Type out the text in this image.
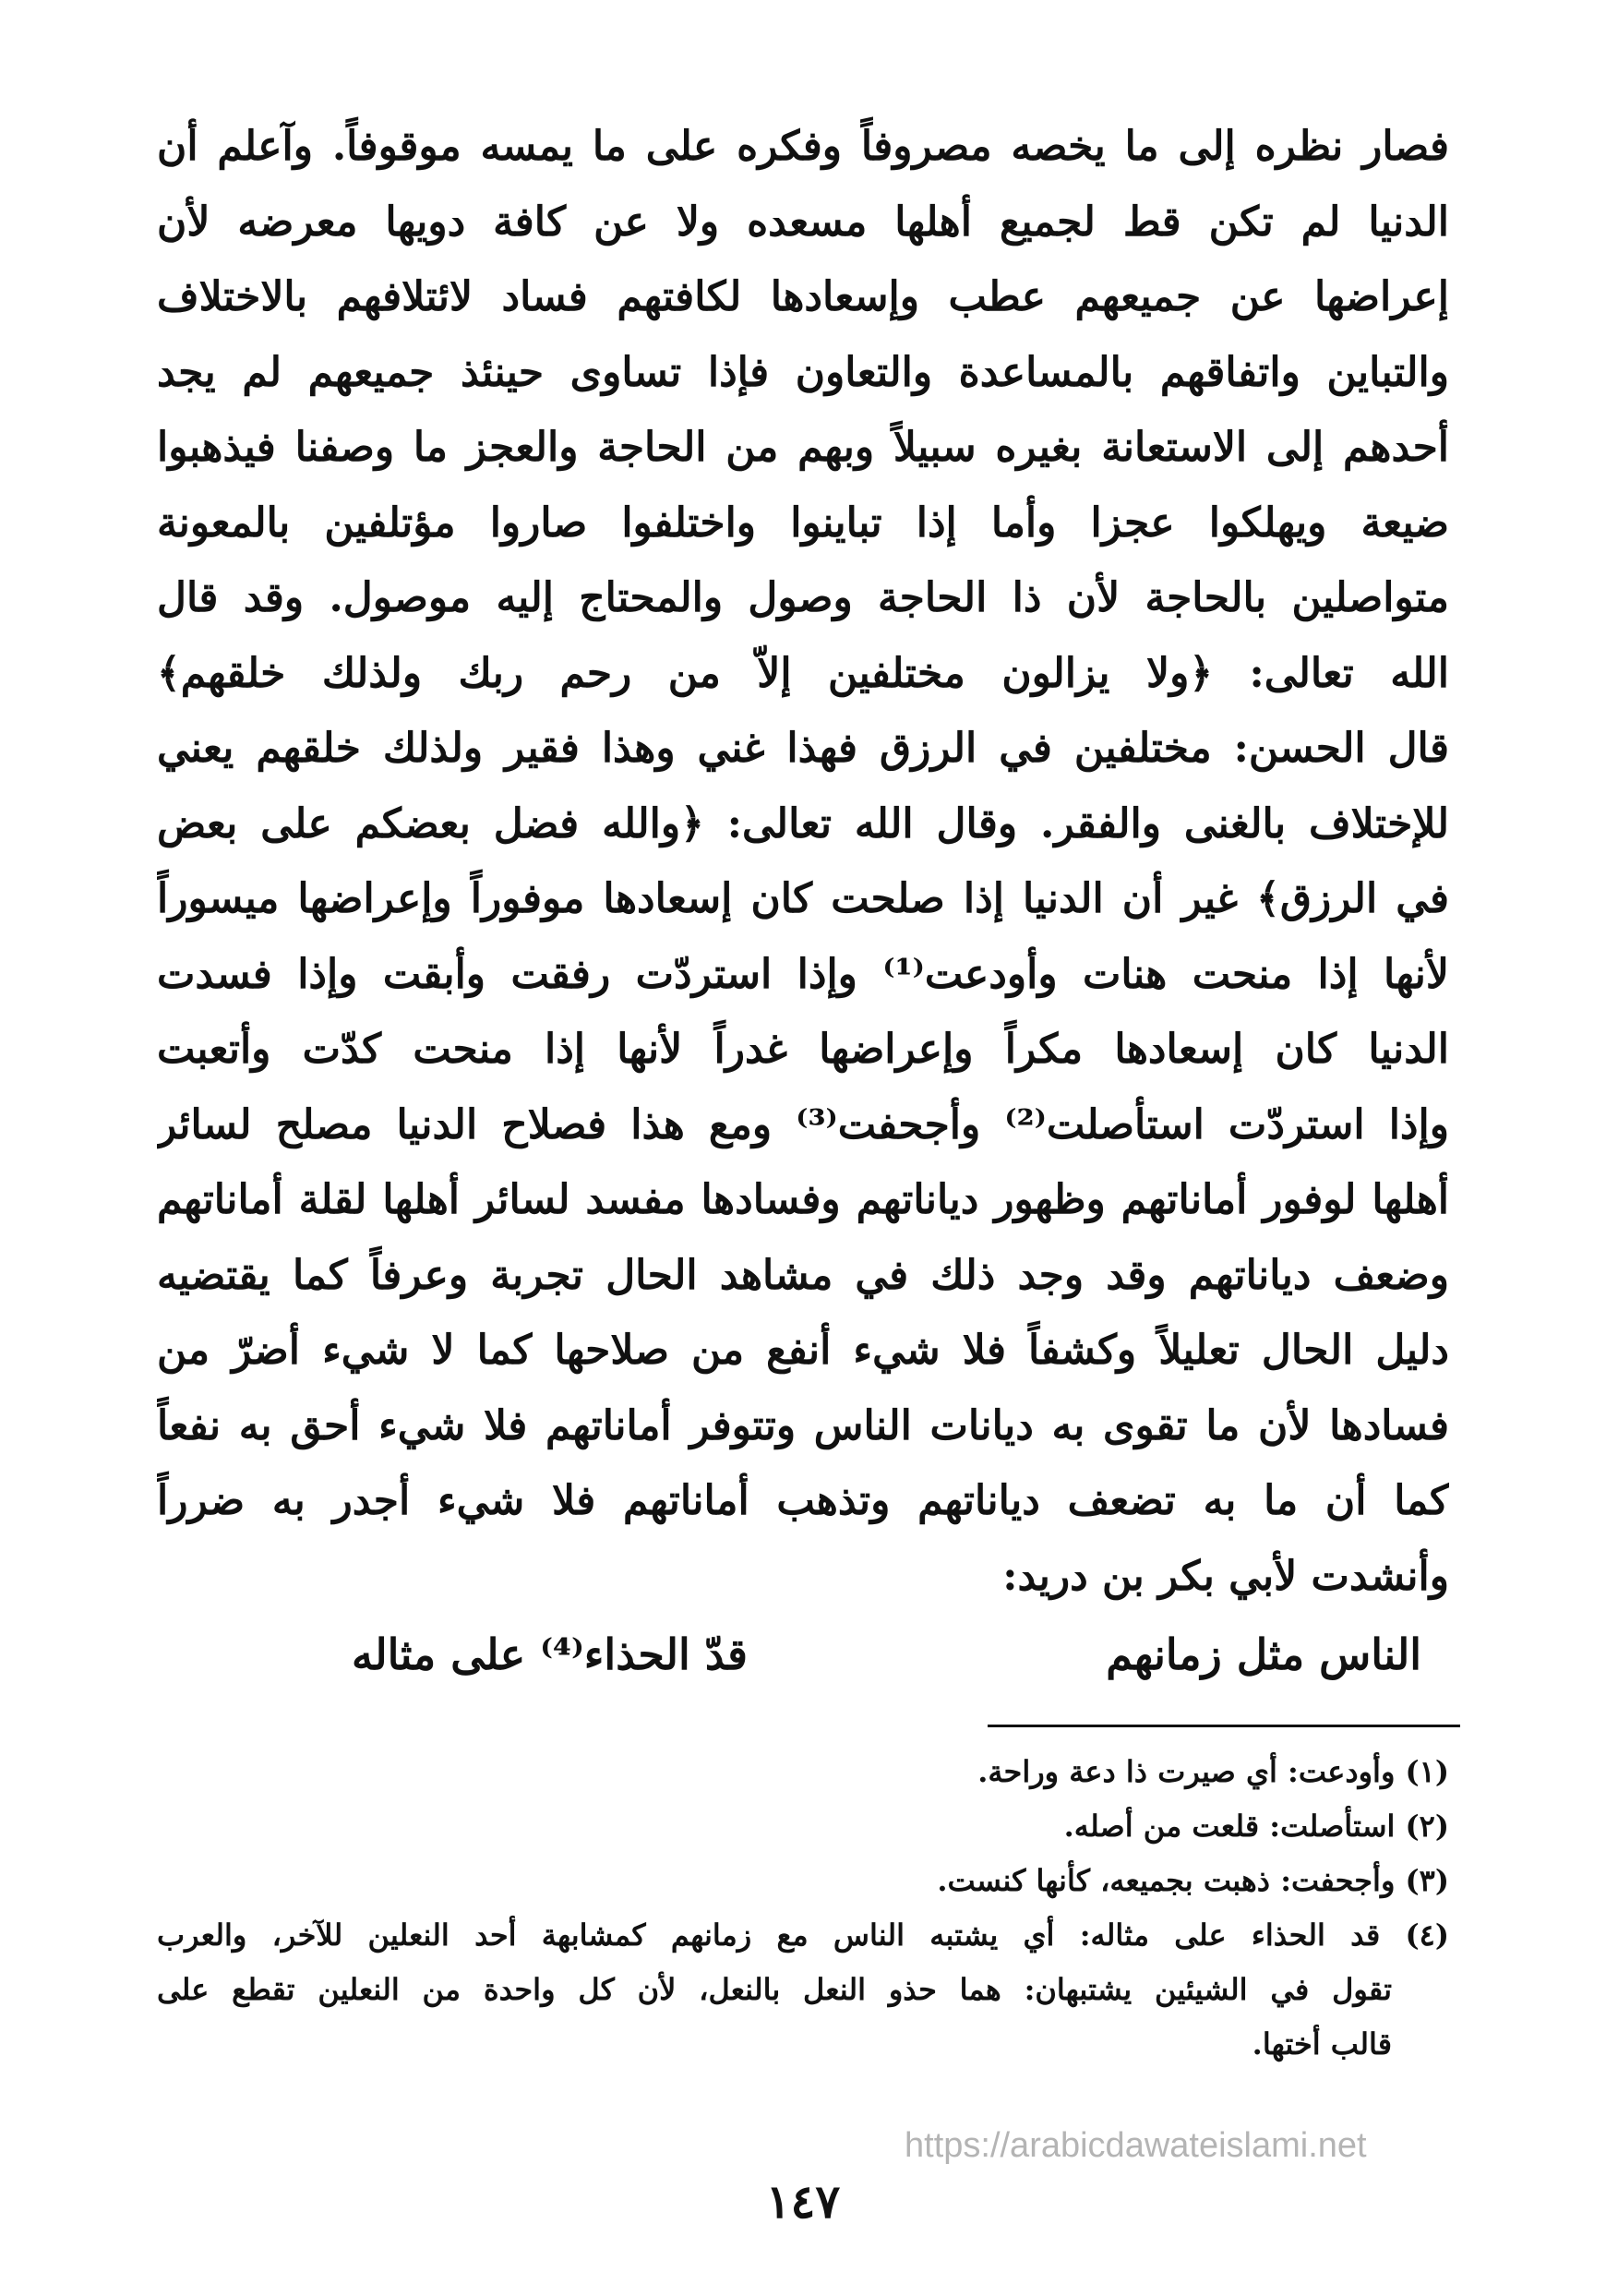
فصار نظره إلى ما يخصه مصروفاً وفكره على ما يمسه موقوفاً. وآعلم أن
الدنيا لم تكن قط لجميع أهلها مسعده ولا عن كافة دويها معرضه لأن
إعراضها عن جميعهم عطب وإسعادها لكافتهم فساد لائتلافهم بالاختلاف
والتباين واتفاقهم بالمساعدة والتعاون فإذا تساوى حينئذ جميعهم لم يجد
أحدهم إلى الاستعانة بغيره سبيلاً وبهم من الحاجة والعجز ما وصفنا فيذهبوا
ضيعة ويهلكوا عجزا وأما إذا تباينوا واختلفوا صاروا مؤتلفين بالمعونة
متواصلين بالحاجة لأن ذا الحاجة وصول والمحتاج إليه موصول. وقد قال
الله تعالى: ﴿ولا يزالون مختلفين إلاّ من رحم ربك ولذلك خلقهم﴾
قال الحسن: مختلفين في الرزق فهذا غني وهذا فقير ولذلك خلقهم يعني
للإختلاف بالغنى والفقر. وقال الله تعالى: ﴿والله فضل بعضكم على بعض
في الرزق﴾ غير أن الدنيا إذا صلحت كان إسعادها موفوراً وإعراضها ميسوراً
لأنها إذا منحت هنات وأودعت⁽¹⁾ وإذا استردّت رفقت وأبقت وإذا فسدت
الدنيا كان إسعادها مكراً وإعراضها غدراً لأنها إذا منحت كدّت وأتعبت
وإذا استردّت استأصلت⁽²⁾ وأجحفت⁽³⁾ ومع هذا فصلاح الدنيا مصلح لسائر
أهلها لوفور أماناتهم وظهور دياناتهم وفسادها مفسد لسائر أهلها لقلة أماناتهم
وضعف دياناتهم وقد وجد ذلك في مشاهد الحال تجربة وعرفاً كما يقتضيه
دليل الحال تعليلاً وكشفاً فلا شيء أنفع من صلاحها كما لا شيء أضرّ من
فسادها لأن ما تقوى به ديانات الناس وتتوفر أماناتهم فلا شيء أحق به نفعاً
كما أن ما به تضعف دياناتهم وتذهب أماناتهم فلا شيء أجدر به ضرراً
وأنشدت لأبي بكر بن دريد:
الناس مثل زمانهم
قدّ الحذاء⁽⁴⁾ على مثاله
(١) وأودعت: أي صيرت ذا دعة وراحة.
(٢) استأصلت: قلعت من أصله.
(٣) وأجحفت: ذهبت بجميعه، كأنها كنست.
(٤) قد الحذاء على مثاله: أي يشتبه الناس مع زمانهم كمشابهة أحد النعلين للآخر، والعرب
تقول في الشيئين يشتبهان: هما حذو النعل بالنعل، لأن كل واحدة من النعلين تقطع على
قالب أختها.
https://arabicdawateislami.net
١٤٧
